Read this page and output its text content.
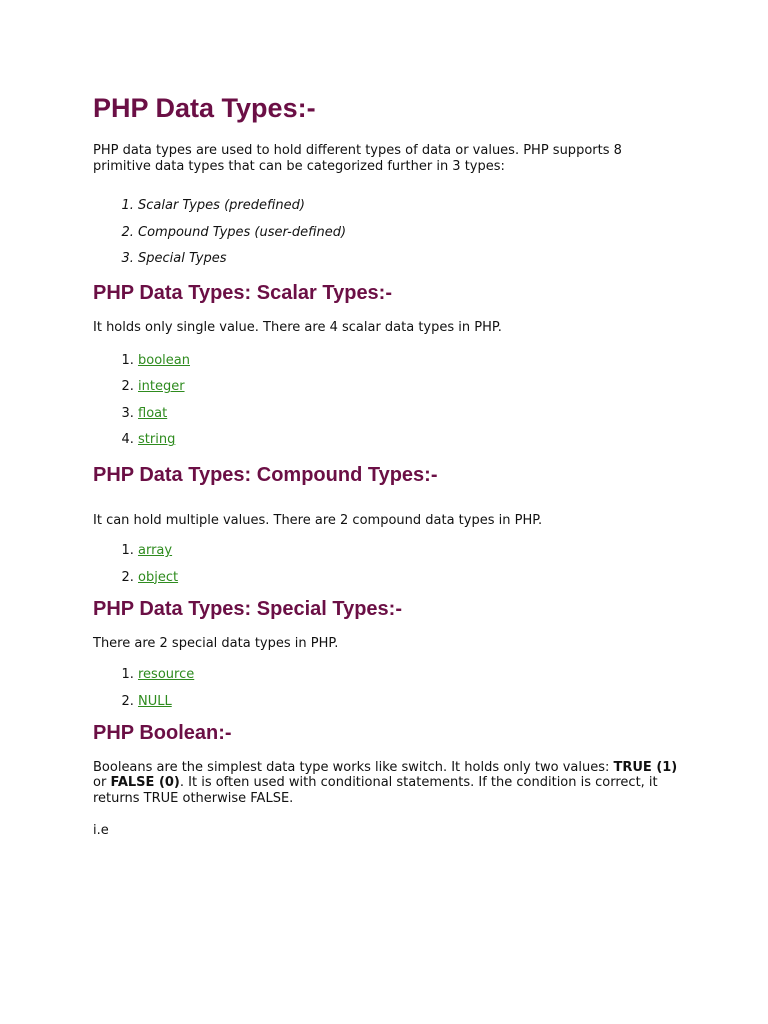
PHP Data Types:-

PHP data types are used to hold different types of data or values. PHP supports 8 primitive data types that can be categorized further in 3 types:

1. Scalar Types (predefined)
2. Compound Types (user-defined)
3. Special Types
PHP Data Types: Scalar Types:-

It holds only single value. There are 4 scalar data types in PHP.

1. boolean
2. integer
3. float
4. string
PHP Data Types: Compound Types:-

It can hold multiple values. There are 2 compound data types in PHP.

1. array
2. object
PHP Data Types: Special Types:-

There are 2 special data types in PHP.

1. resource
2. NULL
PHP Boolean:-

Booleans are the simplest data type works like switch. It holds only two values: TRUE (1) or FALSE (0). It is often used with conditional statements. If the condition is correct, it returns TRUE otherwise FALSE.

i.e
